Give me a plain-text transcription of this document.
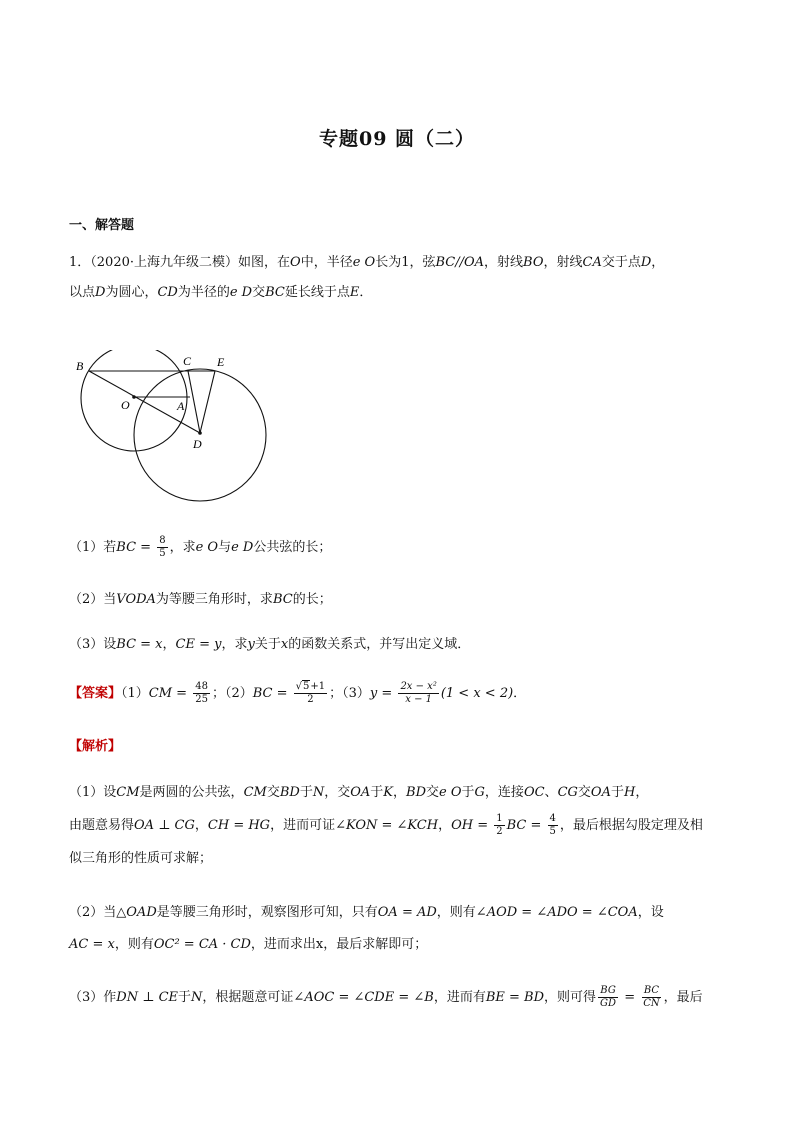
专题09 圆（二）
一、解答题
1．（2020·上海九年级二模）如图，在O中，半径e O长为1，弦BC//OA，射线BO，射线CA交于点D，
以点D为圆心，CD为半径的e D交BC延长线于点E．
B	C E
O	A
D
（1）若BC = $\frac{8}{5}$ ，求e O与e D公共弦的长；
（2）当VODA为等腰三角形时，求BC的长；
（3）设BC = x，CE = y，求y关于x的函数关系式，并写出定义域．
【答案】$(1)CM = \frac{48}{25}$ ；$(2)BC = \frac{√5+1}{2}$ ；$(3)y = \frac{\text{2x − x²}}{x - 1} (1 < x < 2)$．
【解析】
（1）设CM是两圆的公共弦，CM交BD于N，交OA于K，BD交e O于G，连接OC、CG交OA于H，
由题意易得OA ⊥ CG，CH = HG，进而可证∠KON = ∠KCH，OH = $\frac{1}{2}$ BC = $\frac{4}{5}$ ，最后根据勾股定理及相
似三角形的性质可求解；
（2）当△OAD是等腰三角形时，观察图形可知，只有OA = AD，则有∠AOD = ∠ADO = ∠COA，设
AC = x，则有OC² = CA · CD，进而求出x，最后求解即可；
（3）作DN ⊥ CE于N，根据题意可证∠AOC = ∠CDE = ∠B，进而有BE = BD，则可得 $\frac{BG}{GD} = \frac{BC}{CN}$ ，最后
